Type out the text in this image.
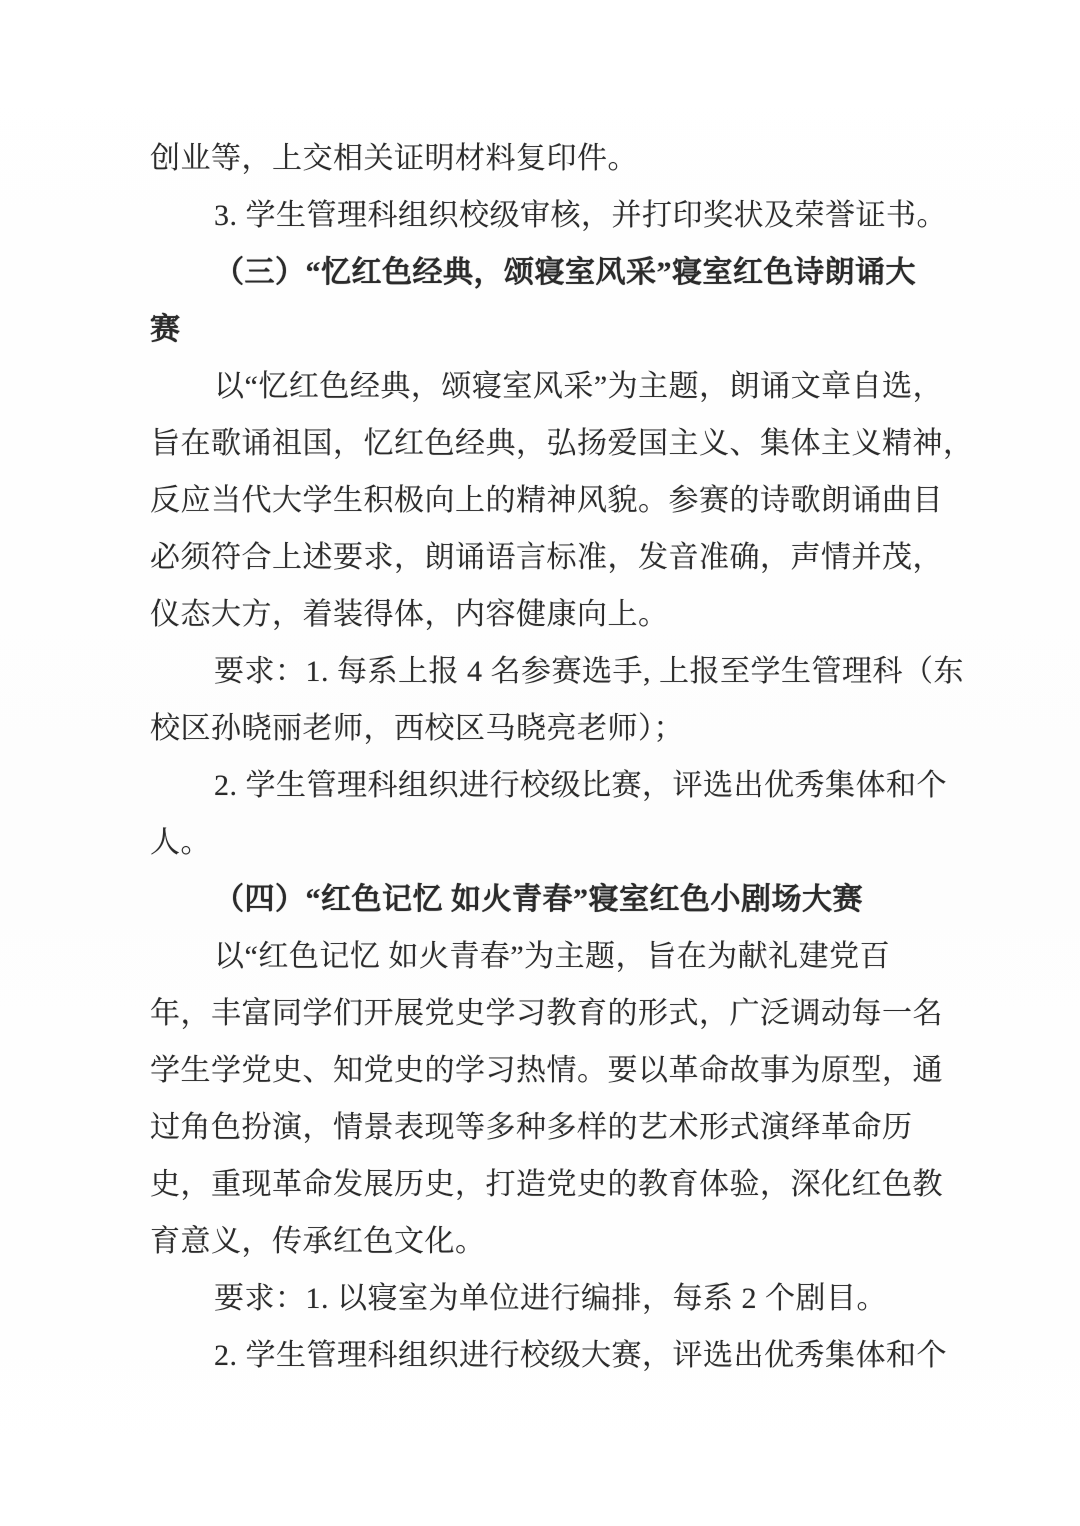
创业等，上交相关证明材料复印件。
3. 学生管理科组织校级审核，并打印奖状及荣誉证书。
（三）“忆红色经典，颂寝室风采”寝室红色诗朗诵大
赛
以“忆红色经典，颂寝室风采”为主题，朗诵文章自选，
旨在歌诵祖国，忆红色经典，弘扬爱国主义、集体主义精神，
反应当代大学生积极向上的精神风貌。参赛的诗歌朗诵曲目
必须符合上述要求，朗诵语言标准，发音准确，声情并茂，
仪态大方，着装得体，内容健康向上。
要求：1. 每系上报 4 名参赛选手, 上报至学生管理科（东
校区孙晓丽老师，西校区马晓亮老师）；
2. 学生管理科组织进行校级比赛，评选出优秀集体和个
人。
（四）“红色记忆 如火青春”寝室红色小剧场大赛
以“红色记忆 如火青春”为主题，旨在为献礼建党百
年，丰富同学们开展党史学习教育的形式，广泛调动每一名
学生学党史、知党史的学习热情。要以革命故事为原型，通
过角色扮演，情景表现等多种多样的艺术形式演绎革命历
史，重现革命发展历史，打造党史的教育体验，深化红色教
育意义，传承红色文化。
要求：1. 以寝室为单位进行编排，每系 2 个剧目。
2. 学生管理科组织进行校级大赛，评选出优秀集体和个
